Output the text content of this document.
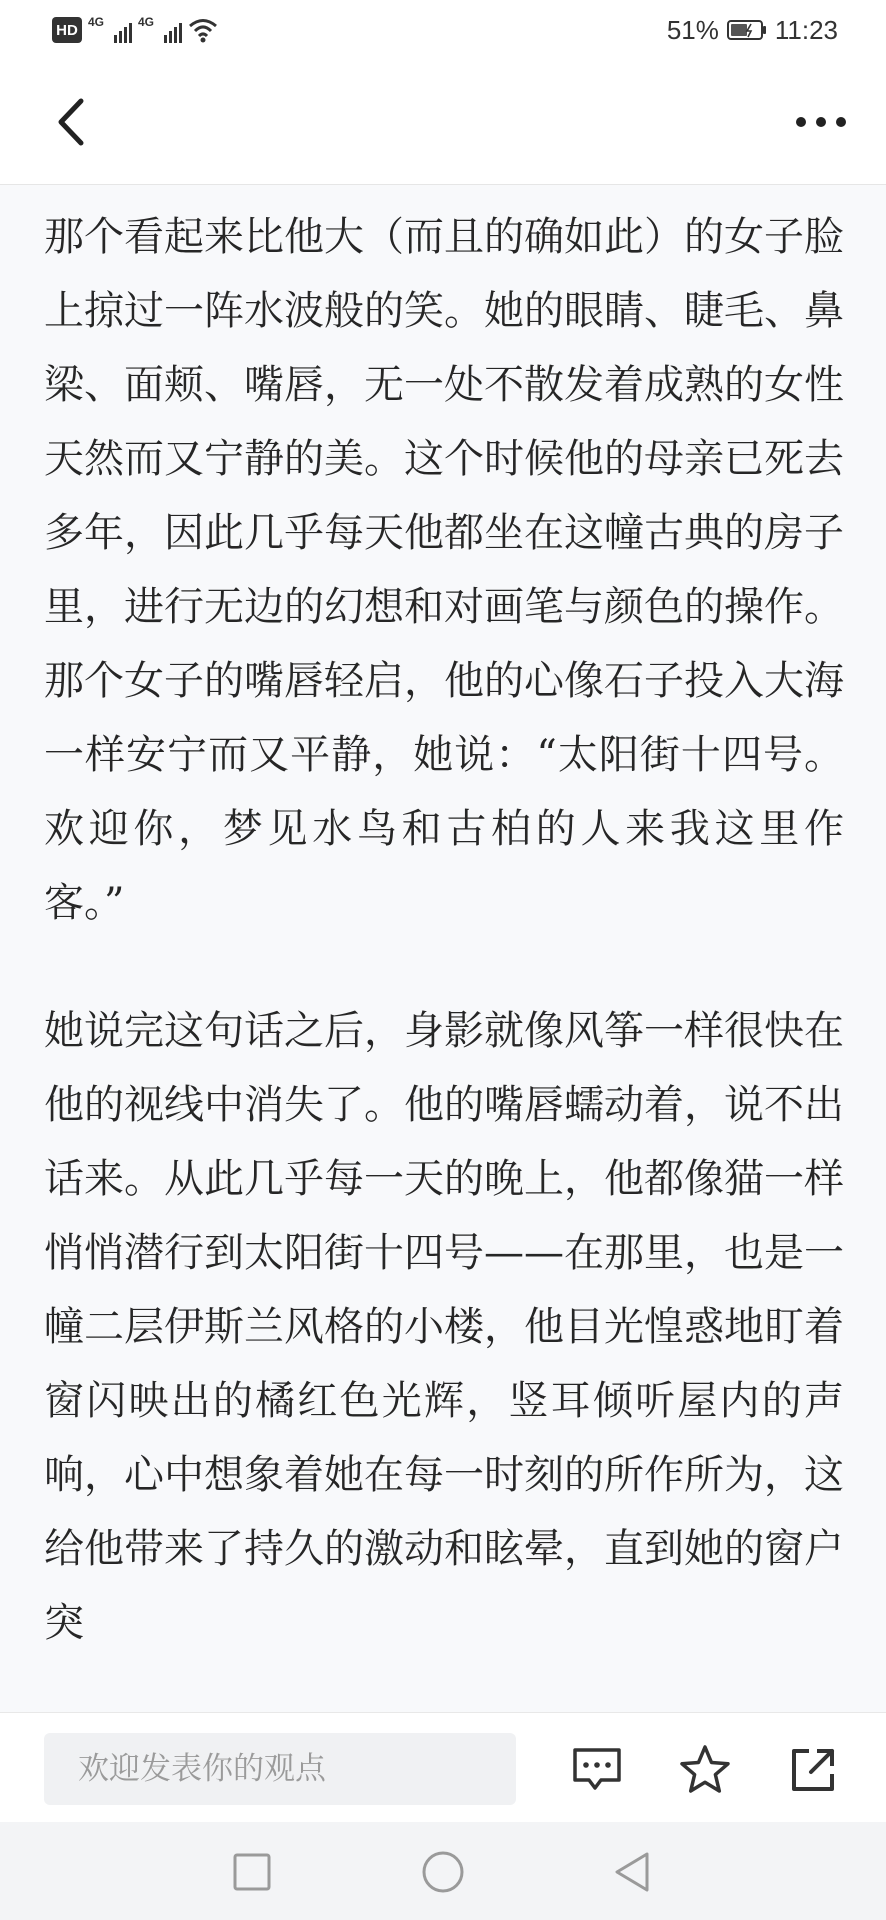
HD 4G	4G	51% 11:23

那个看起来比他大（而且的确如此）的女子脸上掠过一阵水波般的笑。她的眼睛、睫毛、鼻梁、面颊、嘴唇，无一处不散发着成熟的女性天然而又宁静的美。这个时候他的母亲已死去多年，因此几乎每天他都坐在这幢古典的房子里，进行无边的幻想和对画笔与颜色的操作。那个女子的嘴唇轻启，他的心像石子投入大海一样安宁而又平静，她说：“太阳街十四号。欢迎你，梦见水鸟和古柏的人来我这里作客。”

她说完这句话之后，身影就像风筝一样很快在他的视线中消失了。他的嘴唇蠕动着，说不出话来。从此几乎每一天的晚上，他都像猫一样悄悄潜行到太阳街十四号——在那里，也是一幢二层伊斯兰风格的小楼，他目光惶惑地盯着窗闪映出的橘红色光辉，竖耳倾听屋内的声响，心中想象着她在每一时刻的所作所为，这给他带来了持久的激动和眩晕，直到她的窗户突

欢迎发表你的观点
